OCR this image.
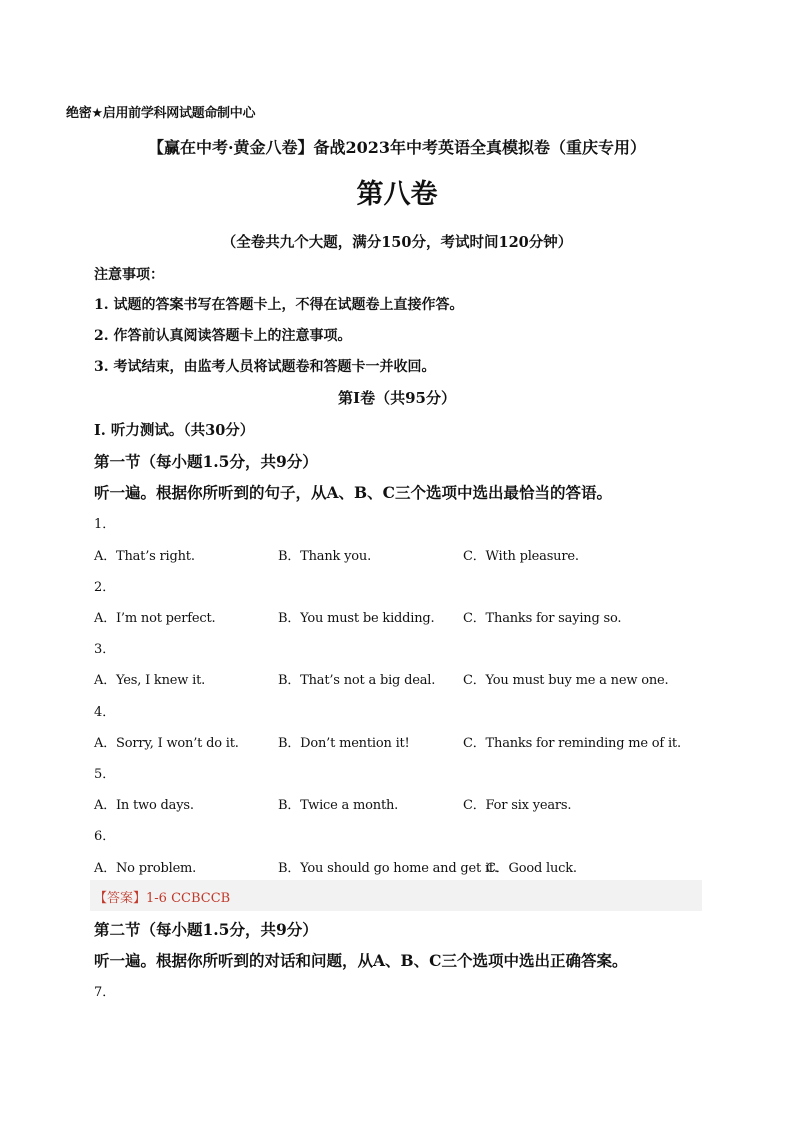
绝密★启用前学科网试题命制中心
【赢在中考·黄金八卷】备战2023年中考英语全真模拟卷（重庆专用）
第八卷
（全卷共九个大题，满分150分，考试时间120分钟）
注意事项：
1. 试题的答案书写在答题卡上，不得在试题卷上直接作答。
2. 作答前认真阅读答题卡上的注意事项。
3. 考试结束，由监考人员将试题卷和答题卡一并收回。
第I卷（共95分）
Ⅰ. 听力测试。（共30分）
第一节（每小题1.5分，共9分）
听一遍。根据你所听到的句子，从A、B、C三个选项中选出最恰当的答语。
1．
A．That’s right.	B．Thank you.	C．With pleasure.
2．
A．I’m not perfect.	B．You must be kidding. C．Thanks for saying so.
3．
A．Yes, I knew it.	B．That’s not a big deal. C．You must buy me a new one.
4．
A．Sorry, I won’t do it.	B．Don’t mention it!	C．Thanks for reminding me of it.
5．
A．In two days.	B．Twice a month.	C．For six years.
6．
A．No problem.	B．You should go home and get it.
C．Good luck.
【答案】1-6 CCBCCB
第二节（每小题1.5分，共9分）
听一遍。根据你所听到的对话和问题，从A、B、C三个选项中选出正确答案。
7．
